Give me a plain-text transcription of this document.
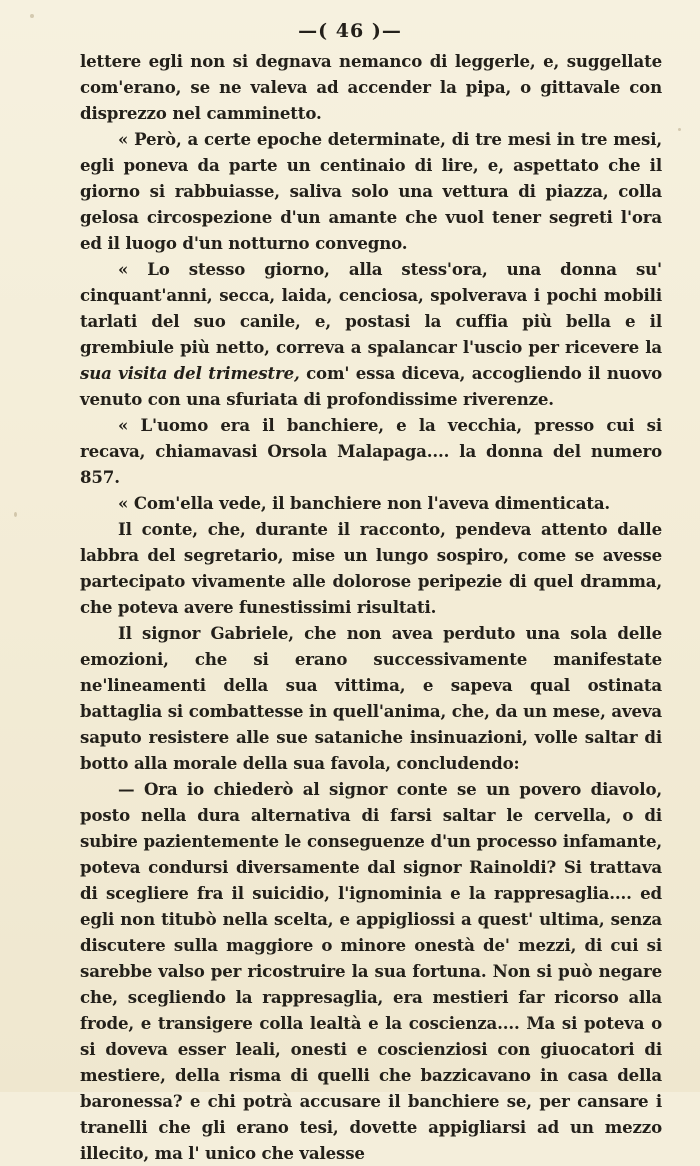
—( 46 )—

lettere egli non si degnava nemanco di leggerle, e, suggellate com'erano, se ne valeva ad accender la pipa, o gittavale con disprezzo nel camminetto.

« Però, a certe epoche determinate, di tre mesi in tre mesi, egli poneva da parte un centinaio di lire, e, aspettato che il giorno si rabbuiasse, saliva solo una vettura di piazza, colla gelosa circospezione d'un amante che vuol tener segreti l'ora ed il luogo d'un notturno convegno.

« Lo stesso giorno, alla stess'ora, una donna su' cinquant'anni, secca, laida, cenciosa, spolverava i pochi mobili tarlati del suo canile, e, postasi la cuffia più bella e il grembiule più netto, correva a spalancar l'uscio per ricevere la sua visita del trimestre, com' essa diceva, accogliendo il nuovo venuto con una sfuriata di profondissime riverenze.

« L'uomo era il banchiere, e la vecchia, presso cui si recava, chiamavasi Orsola Malapaga.... la donna del numero 857.

« Com'ella vede, il banchiere non l'aveva dimenticata.

Il conte, che, durante il racconto, pendeva attento dalle labbra del segretario, mise un lungo sospiro, come se avesse partecipato vivamente alle dolorose peripezie di quel dramma, che poteva avere funestissimi risultati.

Il signor Gabriele, che non avea perduto una sola delle emozioni, che si erano successivamente manifestate ne'lineamenti della sua vittima, e sapeva qual ostinata battaglia si combattesse in quell'anima, che, da un mese, aveva saputo resistere alle sue sataniche insinuazioni, volle saltar di botto alla morale della sua favola, concludendo:

— Ora io chiederò al signor conte se un povero diavolo, posto nella dura alternativa di farsi saltar le cervella, o di subire pazientemente le conseguenze d'un processo infamante, poteva condursi diversamente dal signor Rainoldi? Si trattava di scegliere fra il suicidio, l'ignominia e la rappresaglia.... ed egli non titubò nella scelta, e appigliossi a quest' ultima, senza discutere sulla maggiore o minore onestà de' mezzi, di cui si sarebbe valso per ricostruire la sua fortuna. Non si può negare che, scegliendo la rappresaglia, era mestieri far ricorso alla frode, e transigere colla lealtà e la coscienza.... Ma si poteva o si doveva esser leali, onesti e coscienziosi con giuocatori di mestiere, della risma di quelli che bazzicavano in casa della baronessa? e chi potrà accusare il banchiere se, per cansare i tranelli che gli erano tesi, dovette appigliarsi ad un mezzo illecito, ma l' unico che valesse
